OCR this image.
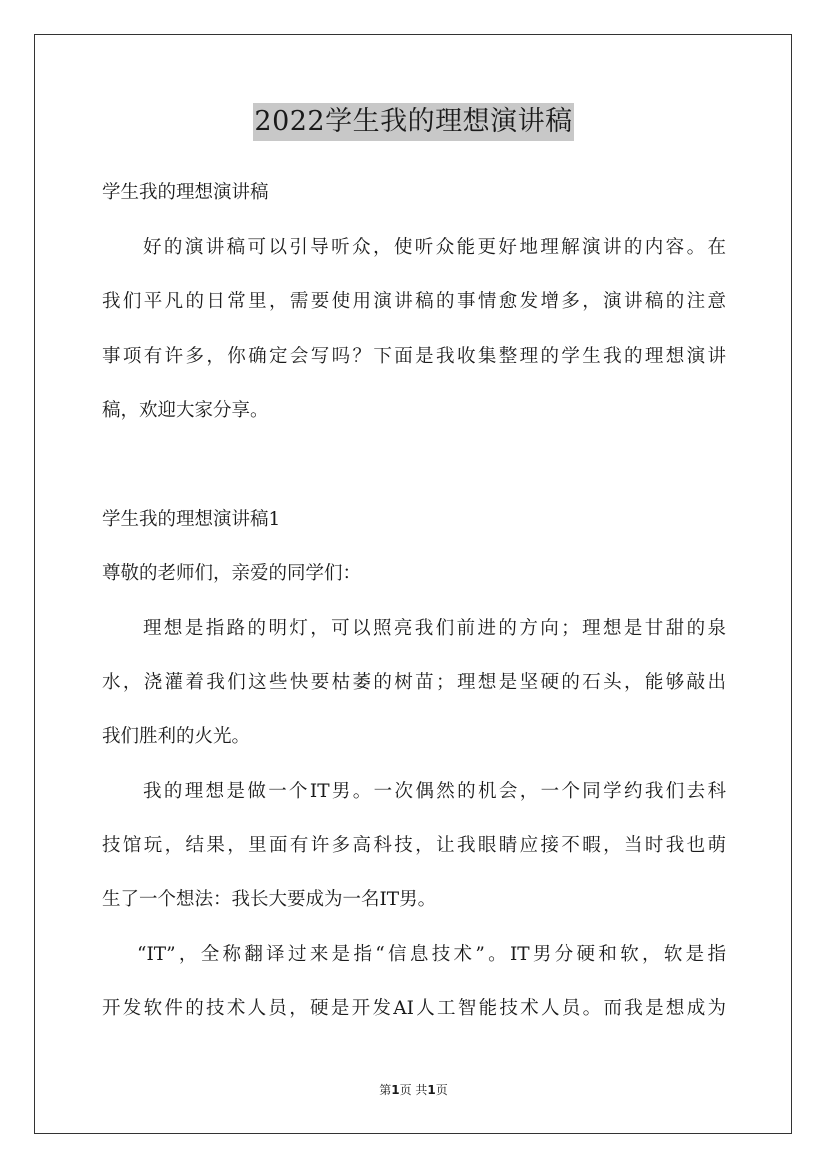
2022学生我的理想演讲稿
学生我的理想演讲稿
好的演讲稿可以引导听众，使听众能更好地理解演讲的内容。在
我们平凡的日常里，需要使用演讲稿的事情愈发增多，演讲稿的注意
事项有许多，你确定会写吗？下面是我收集整理的学生我的理想演讲
稿，欢迎大家分享。
学生我的理想演讲稿1
尊敬的老师们，亲爱的同学们：
理想是指路的明灯，可以照亮我们前进的方向；理想是甘甜的泉
水，浇灌着我们这些快要枯萎的树苗；理想是坚硬的石头，能够敲出
我们胜利的火光。
我的理想是做一个IT男。一次偶然的机会，一个同学约我们去科
技馆玩，结果，里面有许多高科技，让我眼睛应接不暇，当时我也萌
生了一个想法：我长大要成为一名IT男。
“IT”，全称翻译过来是指“信息技术”。IT男分硬和软，软是指
开发软件的技术人员，硬是开发AI人工智能技术人员。而我是想成为
第1页 共1页
